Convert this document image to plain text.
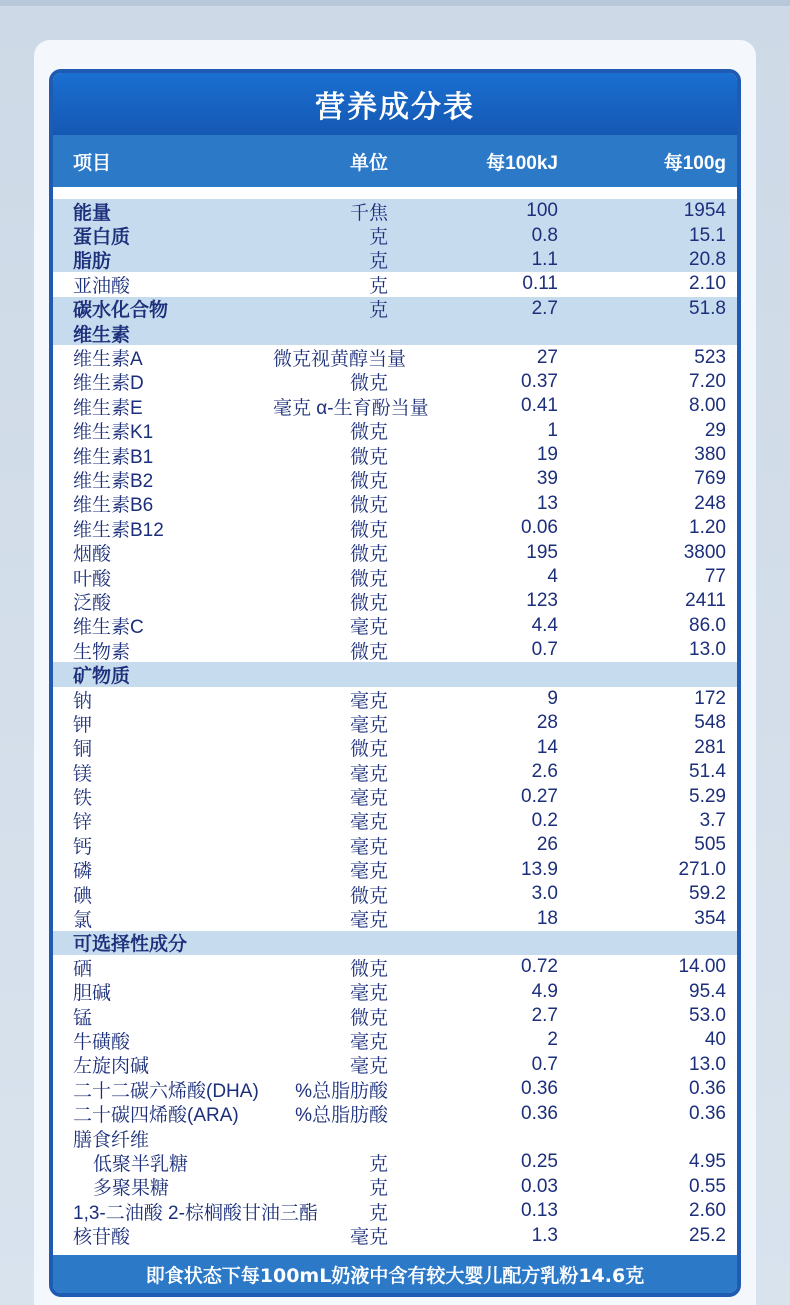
营养成分表
项目	单位	每100kJ	每100g
能量	千焦	100	1954
蛋白质	克	0.8	15.1
脂肪	克	1.1	20.8
亚油酸	克	0.11	2.10
碳水化合物	克	2.7	51.8
维生素
维生素A	微克视黄醇当量	27	523
维生素D	微克	0.37	7.20
维生素E	毫克 α-生育酚当量	0.41	8.00
维生素K1	微克	1	29
维生素B1	微克	19	380
维生素B2	微克	39	769
维生素B6	微克	13	248
维生素B12	微克	0.06	1.20
烟酸	微克	195	3800
叶酸	微克	4	77
泛酸	微克	123	2411
维生素C	毫克	4.4	86.0
生物素	微克	0.7	13.0
矿物质
钠	毫克	9	172
钾	毫克	28	548
铜	微克	14	281
镁	毫克	2.6	51.4
铁	毫克	0.27	5.29
锌	毫克	0.2	3.7
钙	毫克	26	505
磷	毫克	13.9	271.0
碘	微克	3.0	59.2
氯	毫克	18	354
可选择性成分
硒	微克	0.72	14.00
胆碱	毫克	4.9	95.4
锰	微克	2.7	53.0
牛磺酸	毫克	2	40
左旋肉碱	毫克	0.7	13.0
二十二碳六烯酸(DHA)	%总脂肪酸	0.36	0.36
二十碳四烯酸(ARA)	%总脂肪酸	0.36	0.36
膳食纤维
低聚半乳糖	克	0.25	4.95
多聚果糖	克	0.03	0.55
1,3-二油酸 2-棕榈酸甘油三酯	克	0.13	2.60
核苷酸	毫克	1.3	25.2
即食状态下每100mL奶液中含有较大婴儿配方乳粉14.6克
